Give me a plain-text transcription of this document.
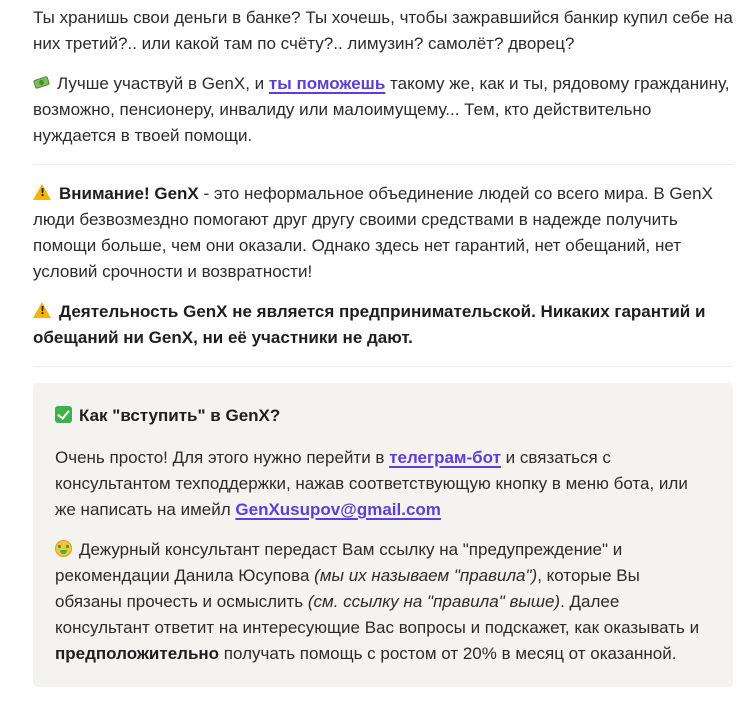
Ты хранишь свои деньги в банке? Ты хочешь, чтобы зажравшийся банкир купил себе на них третий?.. или какой там по счёту?.. лимузин? самолёт? дворец?

Лучше участвуй в GenX, и ты поможешь такому же, как и ты, рядовому гражданину, возможно, пенсионеру, инвалиду или малоимущему... Тем, кто действительно нуждается в твоей помощи.

!Внимание! GenX - это неформальное объединение людей со всего мира. В GenX люди безвозмездно помогают друг другу своими средствами в надежде получить помощи больше, чем они оказали. Однако здесь нет гарантий, нет обещаний, нет условий срочности и возвратности!

!Деятельность GenX не является предпринимательской. Никаких гарантий и обещаний ни GenX, ни её участники не дают.

Как "вступить" в GenX?

Очень просто! Для этого нужно перейти в телеграм-бот и связаться с консультантом техподдержки, нажав соответствующую кнопку в меню бота, или же написать на имейл GenXusupov@gmail.com

Дежурный консультант передаст Вам ссылку на "предупреждение" и рекомендации Данила Юсупова (мы их называем "правила"), которые Вы обязаны прочесть и осмыслить (см. ссылку на "правила" выше). Далее консультант ответит на интересующие Вас вопросы и подскажет, как оказывать и предположительно получать помощь с ростом от 20% в месяц от оказанной.
